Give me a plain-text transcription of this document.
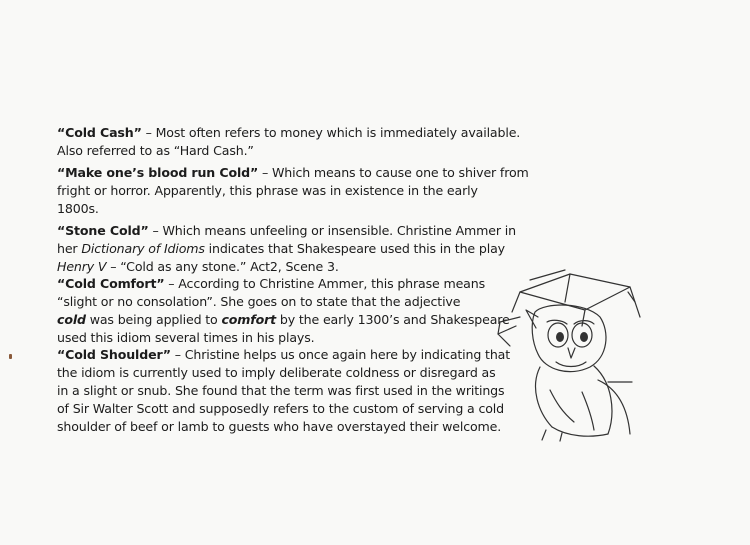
“Cold Cash” – Most often refers to money which is immediately available.
Also referred to as “Hard Cash.”
“Make one’s blood run Cold” – Which means to cause one to shiver from
fright or horror. Apparently, this phrase was in existence in the early
1800s.
“Stone Cold” – Which means unfeeling or insensible. Christine Ammer in
her Dictionary of Idioms indicates that Shakespeare used this in the play
Henry V – “Cold as any stone.” Act2, Scene 3.
“Cold Comfort” – According to Christine Ammer, this phrase means
“slight or no consolation”. She goes on to state that the adjective
cold was being applied to comfort by the early 1300’s and Shakespeare
used this idiom several times in his plays.
“Cold Shoulder” – Christine helps us once again here by indicating that
the idiom is currently used to imply deliberate coldness or disregard as
in a slight or snub. She found that the term was first used in the writings
of Sir Walter Scott and supposedly refers to the custom of serving a cold
shoulder of beef or lamb to guests who have overstayed their welcome.
